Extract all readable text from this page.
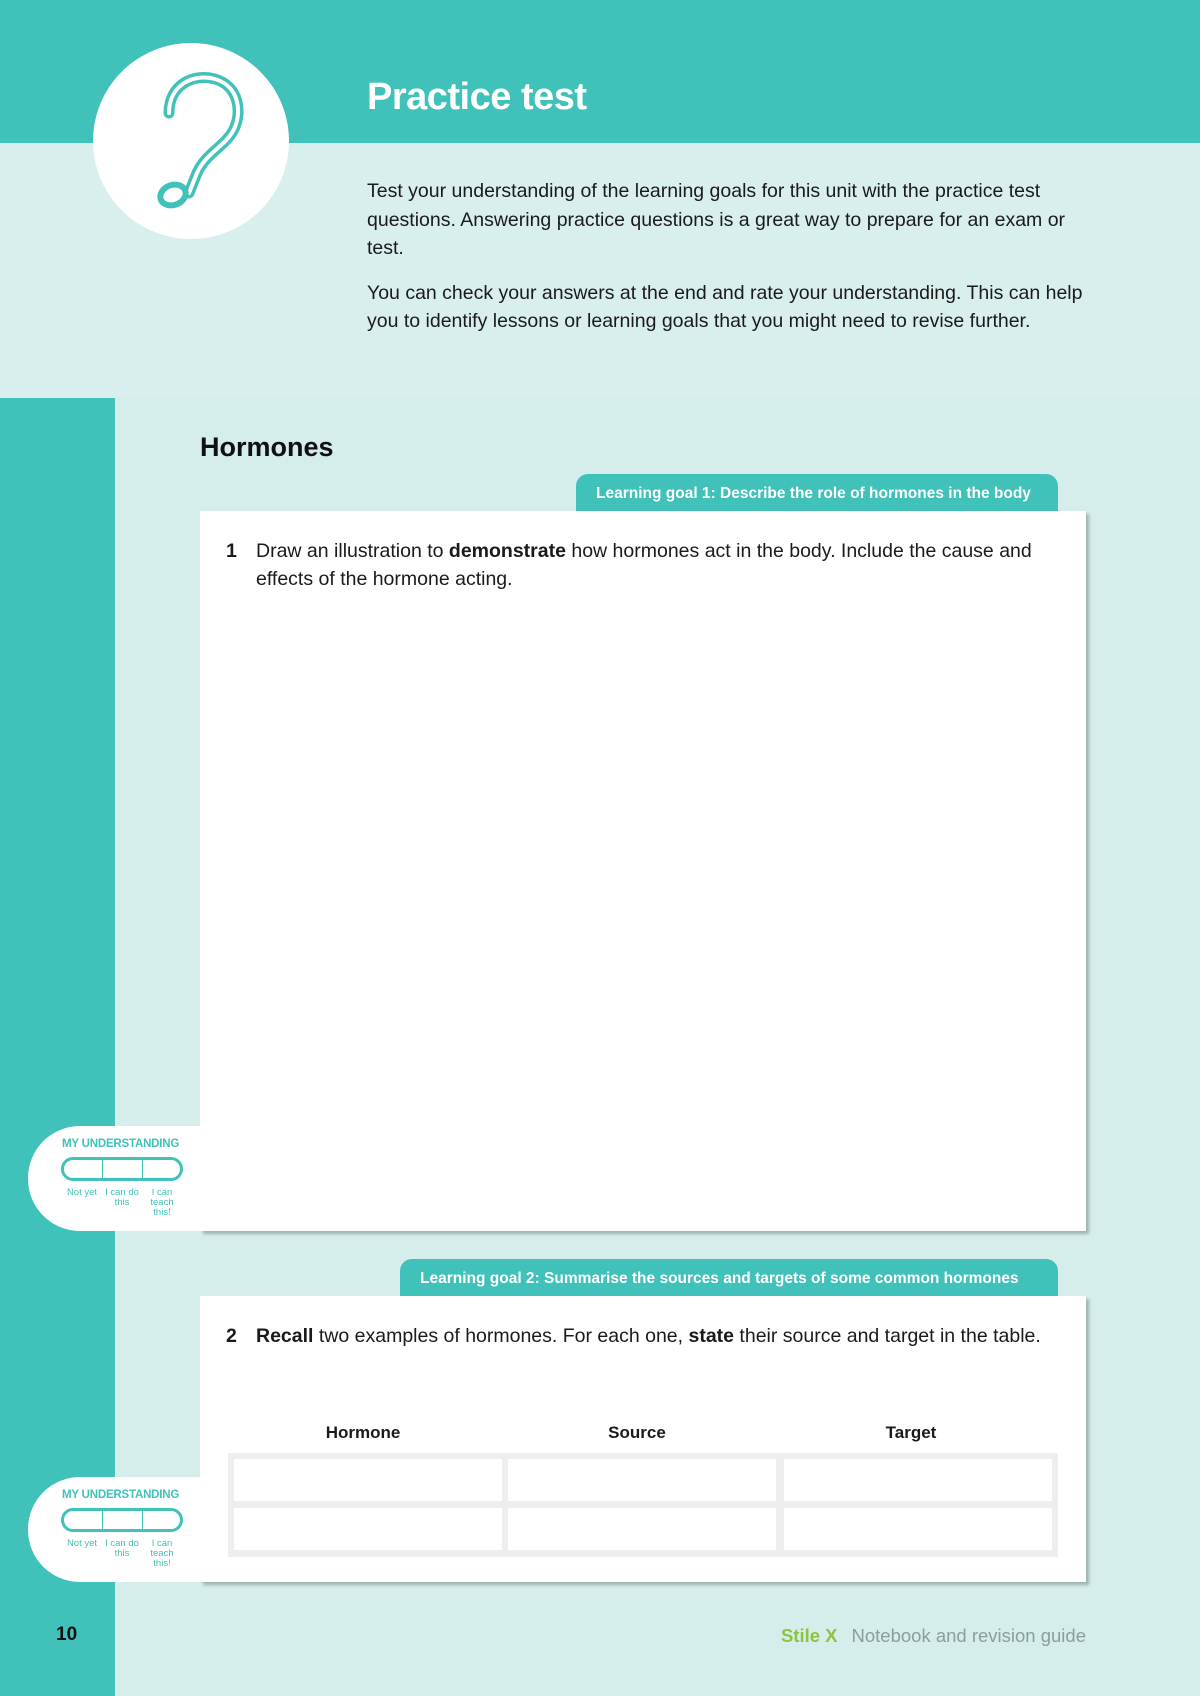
Practice test

Test your understanding of the learning goals for this unit with the practice test questions. Answering practice questions is a great way to prepare for an exam or test.

You can check your answers at the end and rate your understanding. This can help you to identify lessons or learning goals that you might need to revise further.

Hormones
Learning goal 1: Describe the role of hormones in the body
1 Draw an illustration to demonstrate how hormones act in the body. Include the cause and effects of the hormone acting.
MY UNDERSTANDING
Not yet I can do this
I can teach this!
Learning goal 2: Summarise the sources and targets of some common hormones
2 Recall two examples of hormones. For each one, state their source and target in the table.
Hormone	Source	Target
MY UNDERSTANDING
Not yet I can do this
I can teach this!
10	Stile X Notebook and revision guide
